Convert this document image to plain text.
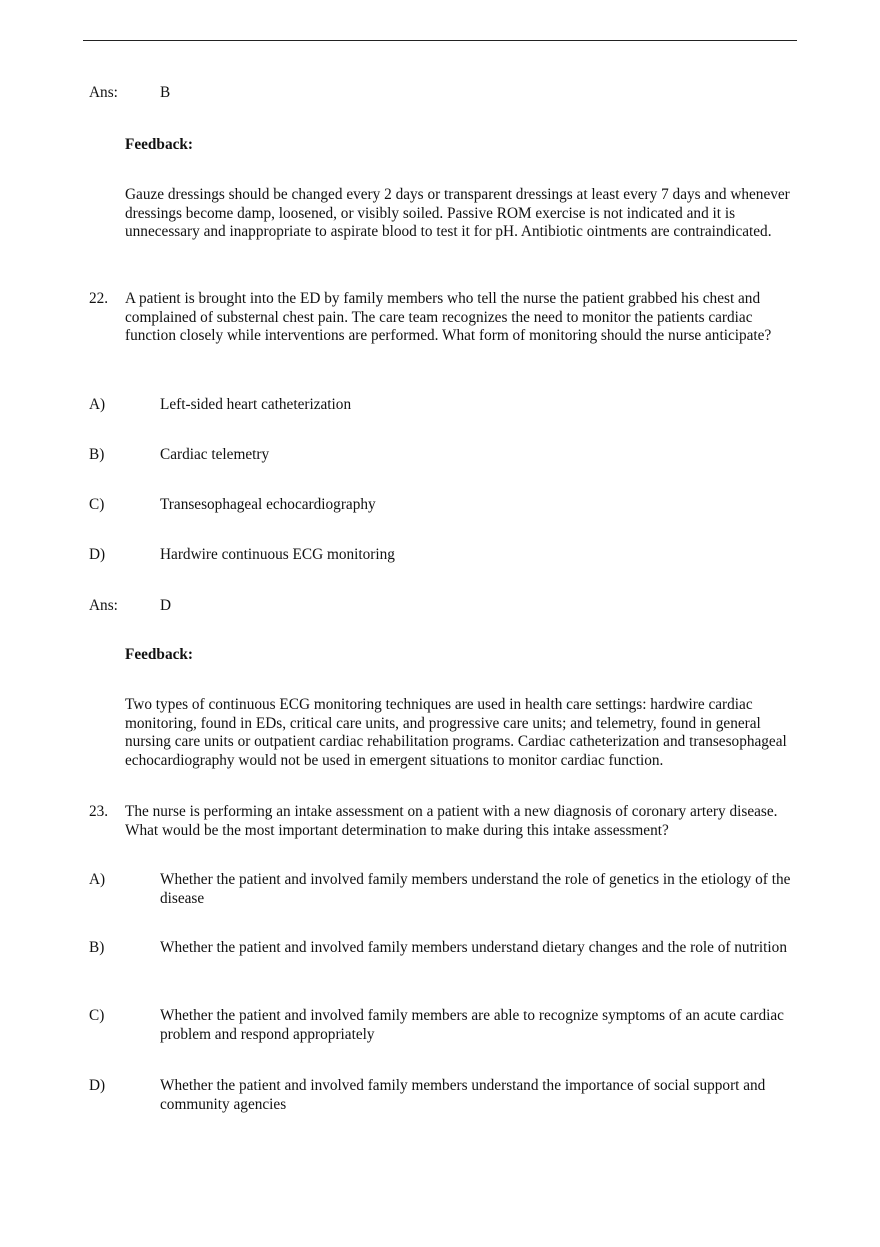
Ans:	B
Feedback:
Gauze dressings should be changed every 2 days or transparent dressings at least every 7 days and whenever dressings become damp, loosened, or visibly soiled. Passive ROM exercise is not indicated and it is unnecessary and inappropriate to aspirate blood to test it for pH. Antibiotic ointments are contraindicated.
22. A patient is brought into the ED by family members who tell the nurse the patient grabbed his chest and complained of substernal chest pain. The care team recognizes the need to monitor the patients cardiac function closely while interventions are performed. What form of monitoring should the nurse anticipate?
A)	Left-sided heart catheterization
B)	Cardiac telemetry
C)	Transesophageal echocardiography
D)	Hardwire continuous ECG monitoring
Ans:	D
Feedback:
Two types of continuous ECG monitoring techniques are used in health care settings: hardwire cardiac monitoring, found in EDs, critical care units, and progressive care units; and telemetry, found in general nursing care units or outpatient cardiac rehabilitation programs. Cardiac catheterization and transesophageal echocardiography would not be used in emergent situations to monitor cardiac function.
23. The nurse is performing an intake assessment on a patient with a new diagnosis of coronary artery disease. What would be the most important determination to make during this intake assessment?
A)	Whether the patient and involved family members understand the role of genetics in the etiology of the disease
B)	Whether the patient and involved family members understand dietary changes and the role of nutrition
C)	Whether the patient and involved family members are able to recognize symptoms of an acute cardiac problem and respond appropriately
D)	Whether the patient and involved family members understand the importance of social support and community agencies
